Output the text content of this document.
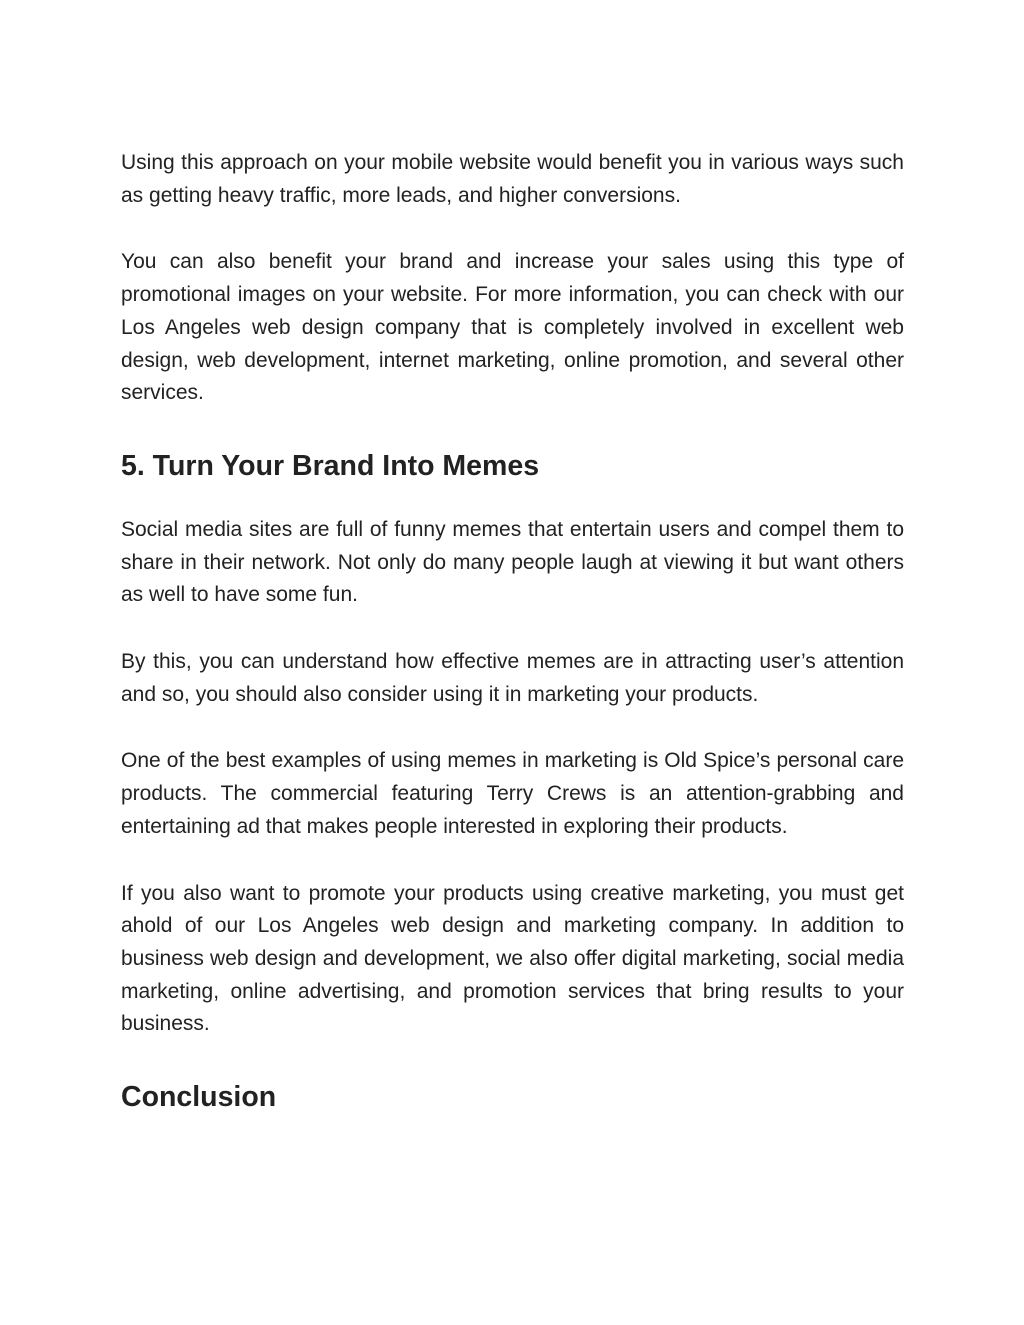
Using this approach on your mobile website would benefit you in various ways such as getting heavy traffic, more leads, and higher conversions.

You can also benefit your brand and increase your sales using this type of promotional images on your website. For more information, you can check with our Los Angeles web design company that is completely involved in excellent web design, web development, internet marketing, online promotion, and several other services.

5. Turn Your Brand Into Memes

Social media sites are full of funny memes that entertain users and compel them to share in their network. Not only do many people laugh at viewing it but want others as well to have some fun.

By this, you can understand how effective memes are in attracting user’s attention and so, you should also consider using it in marketing your products.

One of the best examples of using memes in marketing is Old Spice’s personal care products. The commercial featuring Terry Crews is an attention-grabbing and entertaining ad that makes people interested in exploring their products.

If you also want to promote your products using creative marketing, you must get ahold of our Los Angeles web design and marketing company. In addition to business web design and development, we also offer digital marketing, social media marketing, online advertising, and promotion services that bring results to your business.

Conclusion
